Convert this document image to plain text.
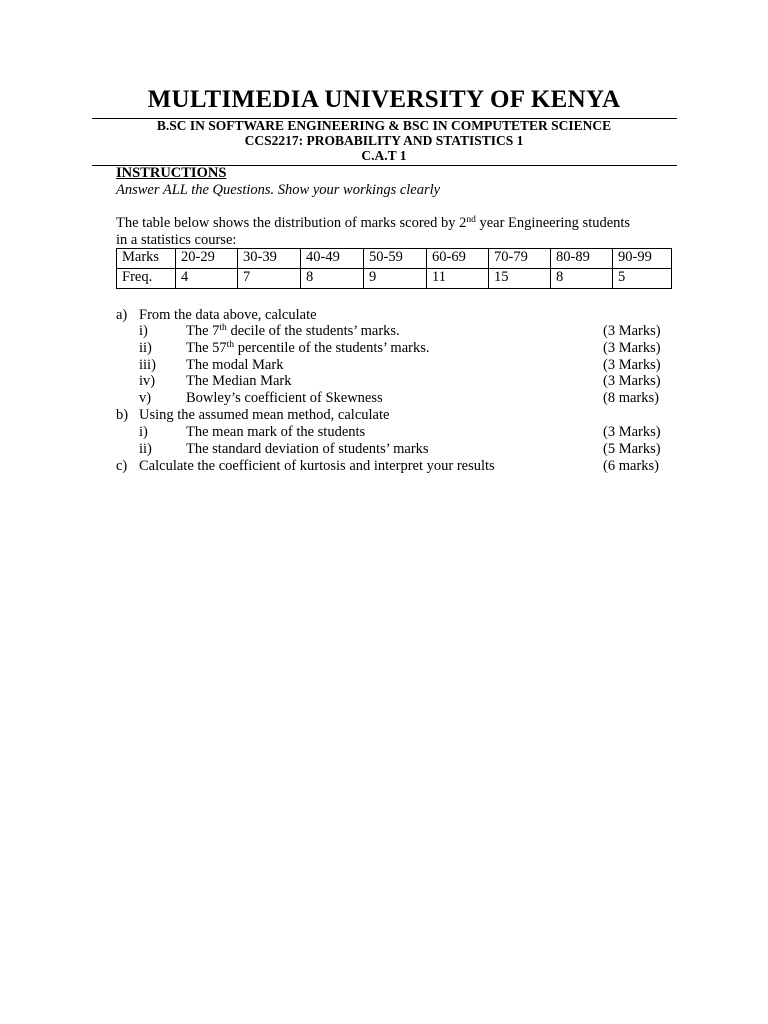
MULTIMEDIA UNIVERSITY OF KENYA
B.SC IN SOFTWARE ENGINEERING & BSC IN COMPUTETER SCIENCE
CCS2217: PROBABILITY AND STATISTICS 1
C.A.T 1
INSTRUCTIONS
Answer ALL the Questions. Show your workings clearly
The table below shows the distribution of marks scored by 2nd year Engineering students
in a statistics course:
Marks	20-29	30-39	40-49	50-59	60-69	70-79	80-89	90-99
Freq.	4	7	8	9	11	15	8	5
a) From the data above, calculate
i)	The 7th decile of the students’ marks.	(3 Marks)
ii) The 57th percentile of the students’ marks.	(3 Marks)
iii) The modal Mark	(3 Marks)
iv) The Median Mark	(3 Marks)
v) Bowley’s coefficient of Skewness	(8 marks)
b) Using the assumed mean method, calculate
i)	The mean mark of the students	(3 Marks)
ii) The standard deviation of students’ marks	(5 Marks)
c) Calculate the coefficient of kurtosis and interpret your results	(6 marks)
